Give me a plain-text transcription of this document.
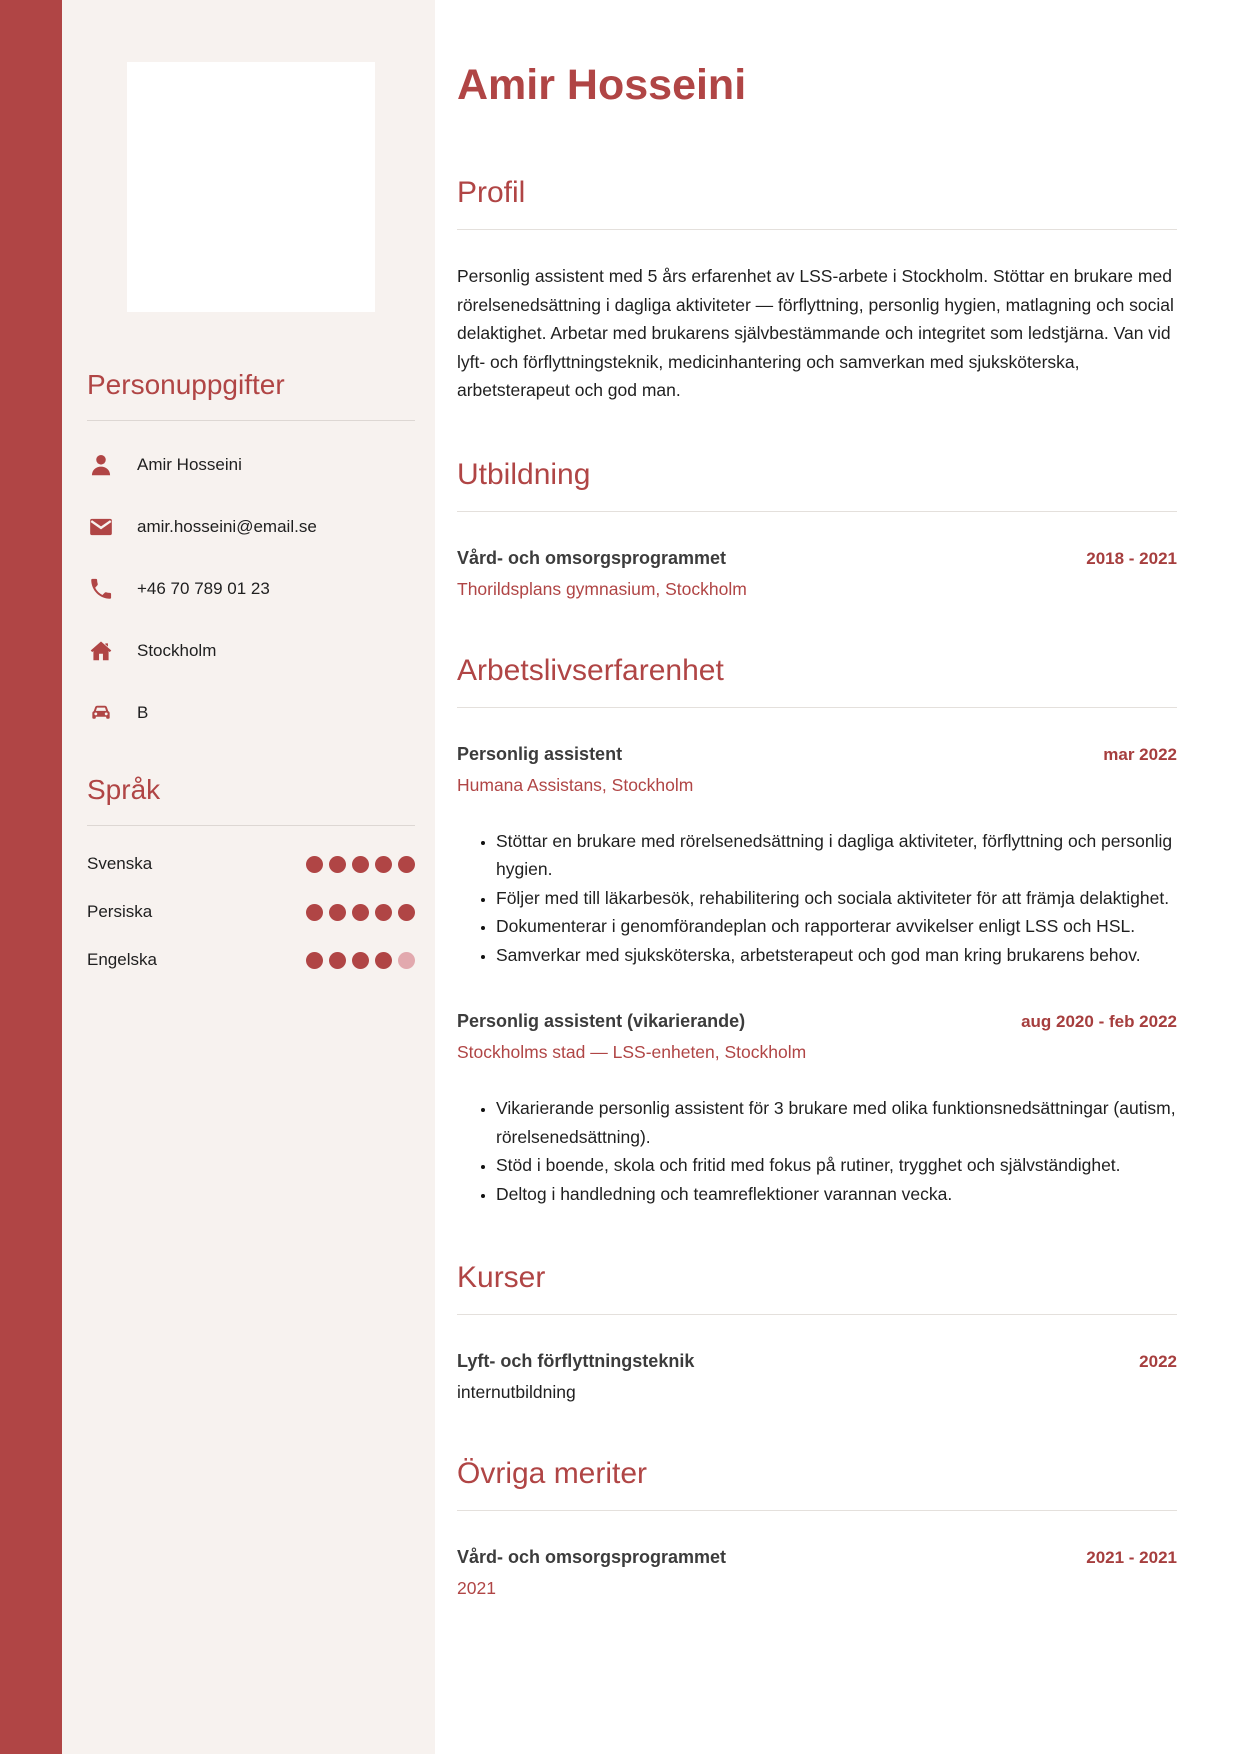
Personuppgifter
Amir Hosseini
amir.hosseini@email.se
+46 70 789 01 23
Stockholm
B
Språk
Svenska
Persiska
Engelska
Amir Hosseini
Profil

Personlig assistent med 5 års erfarenhet av LSS-arbete i Stockholm. Stöttar en brukare med rörelsenedsättning i dagliga aktiviteter — förflyttning, personlig hygien, matlagning och social delaktighet. Arbetar med brukarens självbestämmande och integritet som ledstjärna. Van vid lyft- och förflyttningsteknik, medicinhantering och samverkan med sjuksköterska, arbetsterapeut och god man.

Utbildning
Vård- och omsorgsprogrammet	2018 - 2021
Thorildsplans gymnasium, Stockholm
Arbetslivserfarenhet
Personlig assistent	mar 2022
Humana Assistans, Stockholm
• Stöttar en brukare med rörelsenedsättning i dagliga aktiviteter, förflyttning och personlig hygien.
• Följer med till läkarbesök, rehabilitering och sociala aktiviteter för att främja delaktighet.
• Dokumenterar i genomförandeplan och rapporterar avvikelser enligt LSS och HSL.
• Samverkar med sjuksköterska, arbetsterapeut och god man kring brukarens behov.
Personlig assistent (vikarierande)	aug 2020 - feb 2022
Stockholms stad — LSS-enheten, Stockholm
• Vikarierande personlig assistent för 3 brukare med olika funktionsnedsättningar (autism, rörelsenedsättning).
• Stöd i boende, skola och fritid med fokus på rutiner, trygghet och självständighet.
• Deltog i handledning och teamreflektioner varannan vecka.
Kurser
Lyft- och förflyttningsteknik	2022
internutbildning
Övriga meriter
Vård- och omsorgsprogrammet	2021 - 2021
2021
